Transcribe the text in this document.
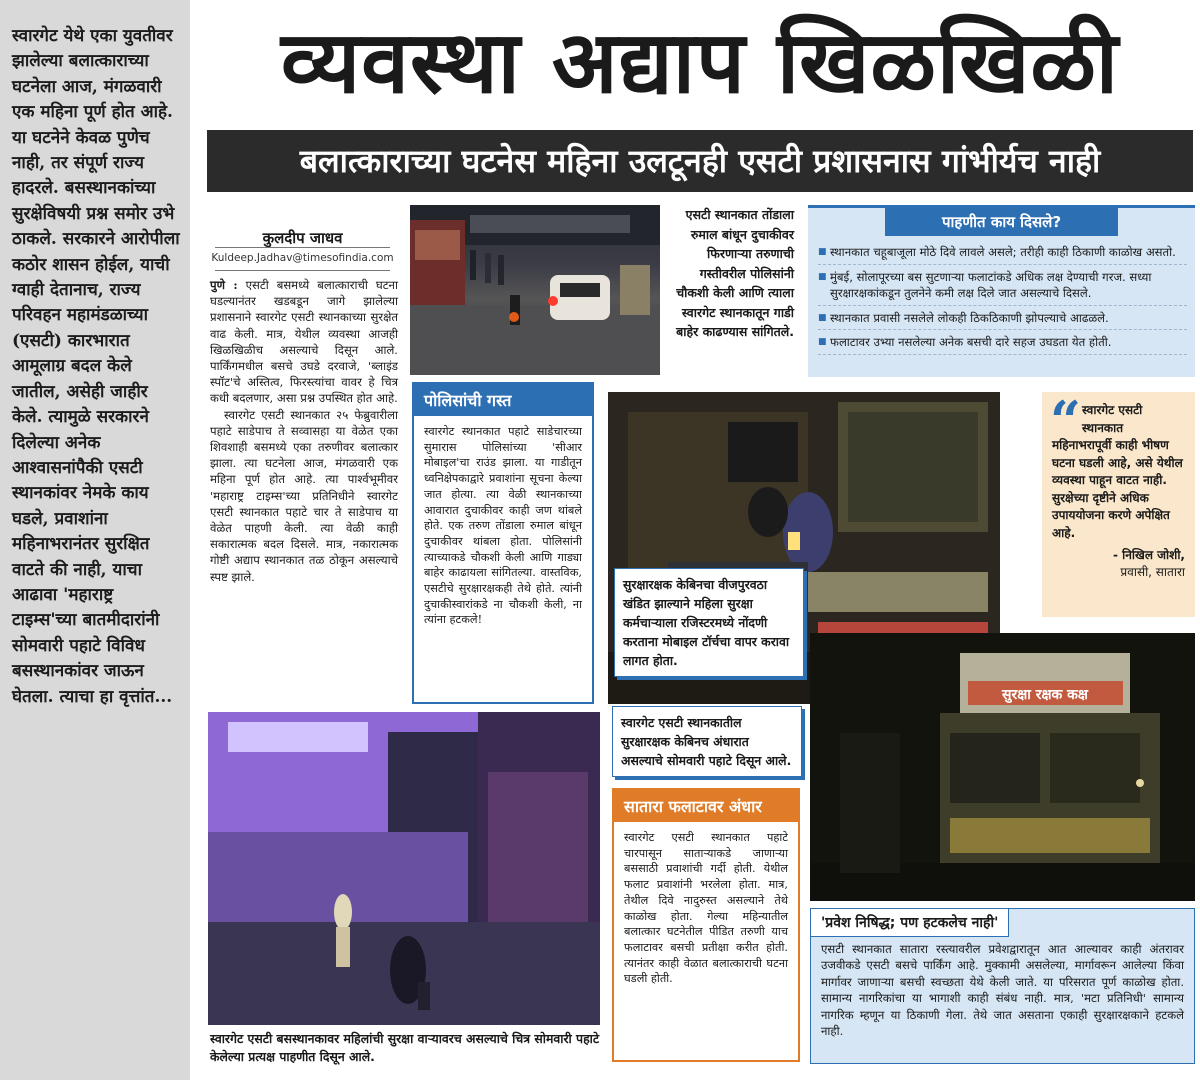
स्वारगेट येथे एका युवतीवर झालेल्या बलात्काराच्या घटनेला आज, मंगळवारी एक महिना पूर्ण होत आहे. या घटनेने केवळ पुणेच नाही, तर संपूर्ण राज्य हादरले. बसस्थानकांच्या सुरक्षेविषयी प्रश्न समोर उभे ठाकले. सरकारने आरोपीला कठोर शासन होईल, याची ग्वाही देतानाच, राज्य परिवहन महामंडळाच्या (एसटी) कारभारात आमूलाग्र बदल केले जातील, असेही जाहीर केले. त्यामुळे सरकारने दिलेल्या अनेक आश्वासनांपैकी एसटी स्थानकांवर नेमके काय घडले, प्रवाशांना महिनाभरानंतर सुरक्षित वाटते की नाही, याचा आढावा 'महाराष्ट्र टाइम्स'च्या बातमीदारांनी सोमवारी पहाटे विविध बसस्थानकांवर जाऊन घेतला. त्याचा हा वृत्तांत...

व्यवस्था अद्याप खिळखिळी
बलात्काराच्या घटनेस महिना उलटूनही एसटी प्रशासनास गांभीर्यच नाही
कुलदीप जाधव
Kuldeep.Jadhav@timesofindia.com

पुणे : एसटी बसमध्ये बलात्काराची घटना घडल्यानंतर खडबडून जागे झालेल्या प्रशासनाने स्वारगेट एसटी स्थानकाच्या सुरक्षेत वाढ केली. मात्र, येथील व्यवस्था आजही खिळखिळीच असल्याचे दिसून आले. पार्किंगमधील बसचे उघडे दरवाजे, 'ब्लाइंड स्पॉट'चे अस्तित्व, फिरस्त्यांचा वावर हे चित्र कधी बदलणार, असा प्रश्न उपस्थित होत आहे.

स्वारगेट एसटी स्थानकात २५ फेब्रुवारीला पहाटे साडेपाच ते सव्वासहा या वेळेत एका शिवशाही बसमध्ये एका तरुणीवर बलात्कार झाला. त्या घटनेला आज, मंगळवारी एक महिना पूर्ण होत आहे. त्या पार्श्वभूमीवर 'महाराष्ट्र टाइम्स'च्या प्रतिनिधीने स्वारगेट एसटी स्थानकात पहाटे चार ते साडेपाच या वेळेत पाहणी केली. त्या वेळी काही सकारात्मक बदल दिसले. मात्र, नकारात्मक गोष्टी अद्याप स्थानकात तळ ठोकून असल्याचे स्पष्ट झाले.

एसटी स्थानकात तोंडाला रुमाल बांधून दुचाकीवर फिरणाऱ्या तरुणाची गस्तीवरील पोलिसांनी चौकशी केली आणि त्याला स्वारगेट स्थानकातून गाडी बाहेर काढण्यास सांगितले.
पाहणीत काय दिसले?
■ स्थानकात चहूबाजूला मोठे दिवे लावले असले; तरीही काही ठिकाणी काळोख असतो.
■ मुंबई, सोलापूरच्या बस सुटणाऱ्या फलाटांकडे अधिक लक्ष देण्याची गरज. सध्या सुरक्षारक्षकांकडून तुलनेने कमी लक्ष दिले जात असल्याचे दिसले.
■ स्थानकात प्रवासी नसलेले लोकही ठिकठिकाणी झोपल्याचे आढळले.
■ फलाटावर उभ्या नसलेल्या अनेक बसची दारे सहज उघडता येत होती.
पोलिसांची गस्त

स्वारगेट स्थानकात पहाटे साडेचारच्या सुमारास पोलिसांच्या 'सीआर मोबाइल'चा राउंड झाला. या गाडीतून ध्वनिक्षेपकाद्वारे प्रवाशांना सूचना केल्या जात होत्या. त्या वेळी स्थानकाच्या आवारात दुचाकीवर काही जण थांबले होते. एक तरुण तोंडाला रुमाल बांधून दुचाकीवर थांबला होता. पोलिसांनी त्याच्याकडे चौकशी केली आणि गाड्या बाहेर काढायला सांगितल्या. वास्तविक, एसटीचे सुरक्षारक्षकही तेथे होते. त्यांनी दुचाकीस्वारांकडे ना चौकशी केली, ना त्यांना हटकले!

“ स्वारगेट एसटी स्थानकात

महिनाभरापूर्वी काही भीषण घटना घडली आहे, असे येथील व्यवस्था पाहून वाटत नाही. सुरक्षेच्या दृष्टीने अधिक उपाययोजना करणे अपेक्षित आहे.

- निखिल जोशी,

प्रवासी, सातारा

सुरक्षारक्षक केबिनचा वीजपुरवठा खंडित झाल्याने महिला सुरक्षा कर्मचाऱ्याला रजिस्टरमध्ये नोंदणी करताना मोबाइल टॉर्चचा वापर करावा लागत होता.
सुरक्षा रक्षक कक्ष
स्वारगेट एसटी स्थानकातील सुरक्षारक्षक केबिनच अंधारात असल्याचे सोमवारी पहाटे दिसून आले.
स्वारगेट एसटी बसस्थानकावर महिलांची सुरक्षा वाऱ्यावरच असल्याचे चित्र सोमवारी पहाटे केलेल्या प्रत्यक्ष पाहणीत दिसून आले.
सातारा फलाटावर अंधार

स्वारगेट एसटी स्थानकात पहाटे चारपासून साताऱ्याकडे जाणाऱ्या बससाठी प्रवाशांची गर्दी होती. येथील फलाट प्रवाशांनी भरलेला होता. मात्र, तेथील दिवे नादुरुस्त असल्याने तेथे काळोख होता. गेल्या महिन्यातील बलात्कार घटनेतील पीडित तरुणी याच फलाटावर बसची प्रतीक्षा करीत होती. त्यानंतर काही वेळात बलात्काराची घटना घडली होती.

'प्रवेश निषिद्ध; पण हटकलेच नाही'

एसटी स्थानकात सातारा रस्त्यावरील प्रवेशद्वारातून आत आल्यावर काही अंतरावर उजवीकडे एसटी बसचे पार्किंग आहे. मुक्कामी असलेल्या, मार्गावरून आलेल्या किंवा मार्गावर जाणाऱ्या बसची स्वच्छता येथे केली जाते. या परिसरात पूर्ण काळोख होता. सामान्य नागरिकांचा या भागाशी काही संबंध नाही. मात्र, 'मटा प्रतिनिधी' सामान्य नागरिक म्हणून या ठिकाणी गेला. तेथे जात असताना एकाही सुरक्षारक्षकाने हटकले नाही.
